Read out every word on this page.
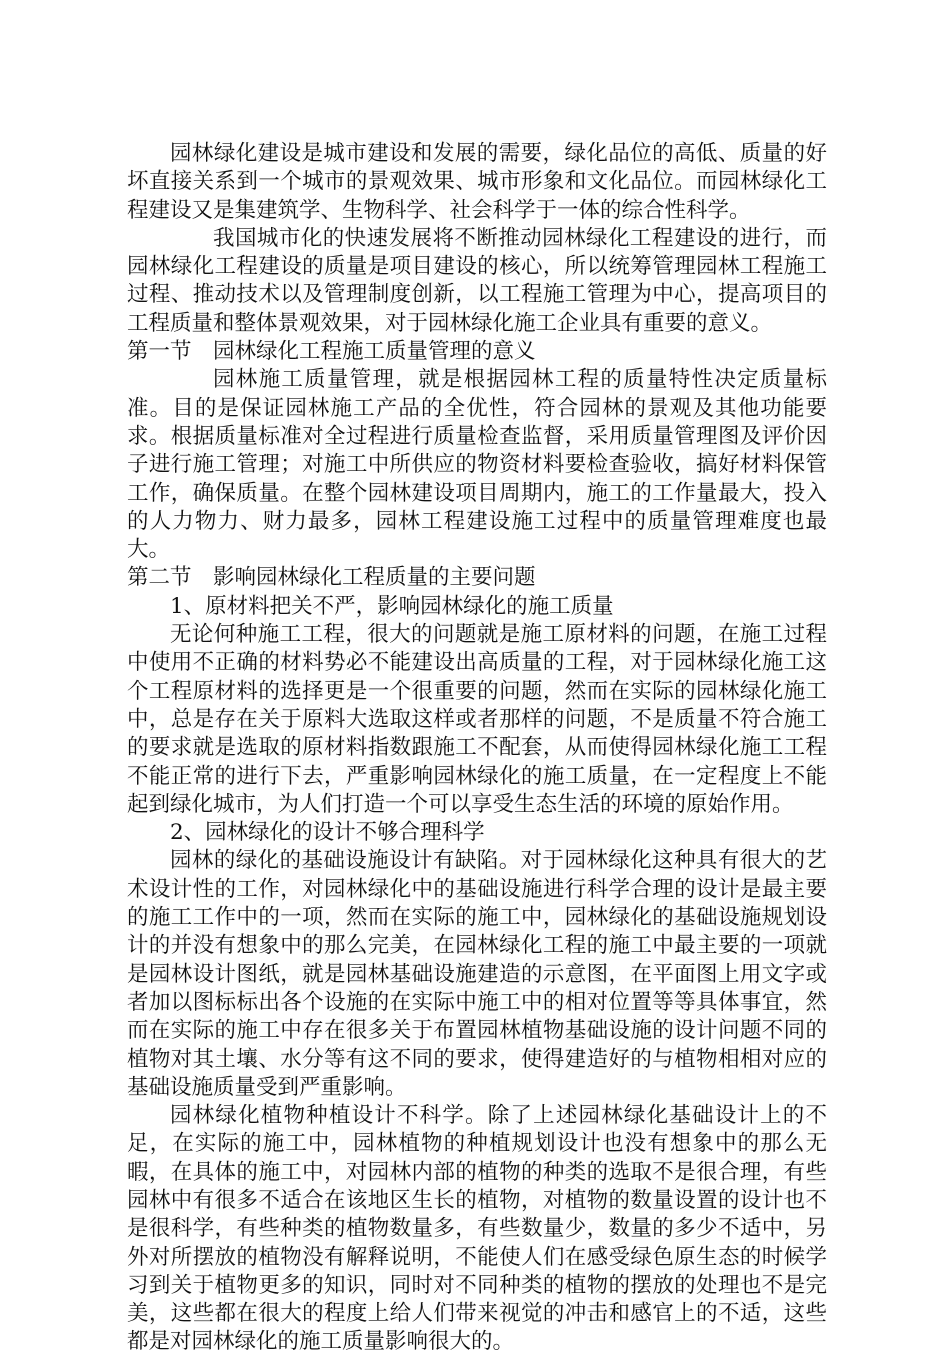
园林绿化建设是城市建设和发展的需要，绿化品位的高低、质量的好坏直接关系到一个城市的景观效果、城市形象和文化品位。而园林绿化工程建设又是集建筑学、生物科学、社会科学于一体的综合性科学。

我国城市化的快速发展将不断推动园林绿化工程建设的进行，而园林绿化工程建设的质量是项目建设的核心，所以统筹管理园林工程施工过程、推动技术以及管理制度创新，以工程施工管理为中心，提高项目的工程质量和整体景观效果，对于园林绿化施工企业具有重要的意义。

第一节　园林绿化工程施工质量管理的意义

园林施工质量管理，就是根据园林工程的质量特性决定质量标准。目的是保证园林施工产品的全优性，符合园林的景观及其他功能要求。根据质量标准对全过程进行质量检查监督，采用质量管理图及评价因子进行施工管理；对施工中所供应的物资材料要检查验收，搞好材料保管工作，确保质量。在整个园林建设项目周期内，施工的工作量最大，投入的人力物力、财力最多，园林工程建设施工过程中的质量管理难度也最大。

第二节　影响园林绿化工程质量的主要问题

1、原材料把关不严，影响园林绿化的施工质量

无论何种施工工程，很大的问题就是施工原材料的问题，在施工过程中使用不正确的材料势必不能建设出高质量的工程，对于园林绿化施工这个工程原材料的选择更是一个很重要的问题，然而在实际的园林绿化施工中，总是存在关于原料大选取这样或者那样的问题，不是质量不符合施工的要求就是选取的原材料指数跟施工不配套，从而使得园林绿化施工工程不能正常的进行下去，严重影响园林绿化的施工质量，在一定程度上不能起到绿化城市，为人们打造一个可以享受生态生活的环境的原始作用。

2、园林绿化的设计不够合理科学

园林的绿化的基础设施设计有缺陷。对于园林绿化这种具有很大的艺术设计性的工作，对园林绿化中的基础设施进行科学合理的设计是最主要的施工工作中的一项，然而在实际的施工中，园林绿化的基础设施规划设计的并没有想象中的那么完美，在园林绿化工程的施工中最主要的一项就是园林设计图纸，就是园林基础设施建造的示意图，在平面图上用文字或者加以图标标出各个设施的在实际中施工中的相对位置等等具体事宜，然而在实际的施工中存在很多关于布置园林植物基础设施的设计问题不同的植物对其土壤、水分等有这不同的要求，使得建造好的与植物相相对应的基础设施质量受到严重影响。

园林绿化植物种植设计不科学。除了上述园林绿化基础设计上的不足，在实际的施工中，园林植物的种植规划设计也没有想象中的那么无暇，在具体的施工中，对园林内部的植物的种类的选取不是很合理，有些园林中有很多不适合在该地区生长的植物，对植物的数量设置的设计也不是很科学，有些种类的植物数量多，有些数量少，数量的多少不适中，另外对所摆放的植物没有解释说明，不能使人们在感受绿色原生态的时候学习到关于植物更多的知识，同时对不同种类的植物的摆放的处理也不是完美，这些都在很大的程度上给人们带来视觉的冲击和感官上的不适，这些都是对园林绿化的施工质量影响很大的。
